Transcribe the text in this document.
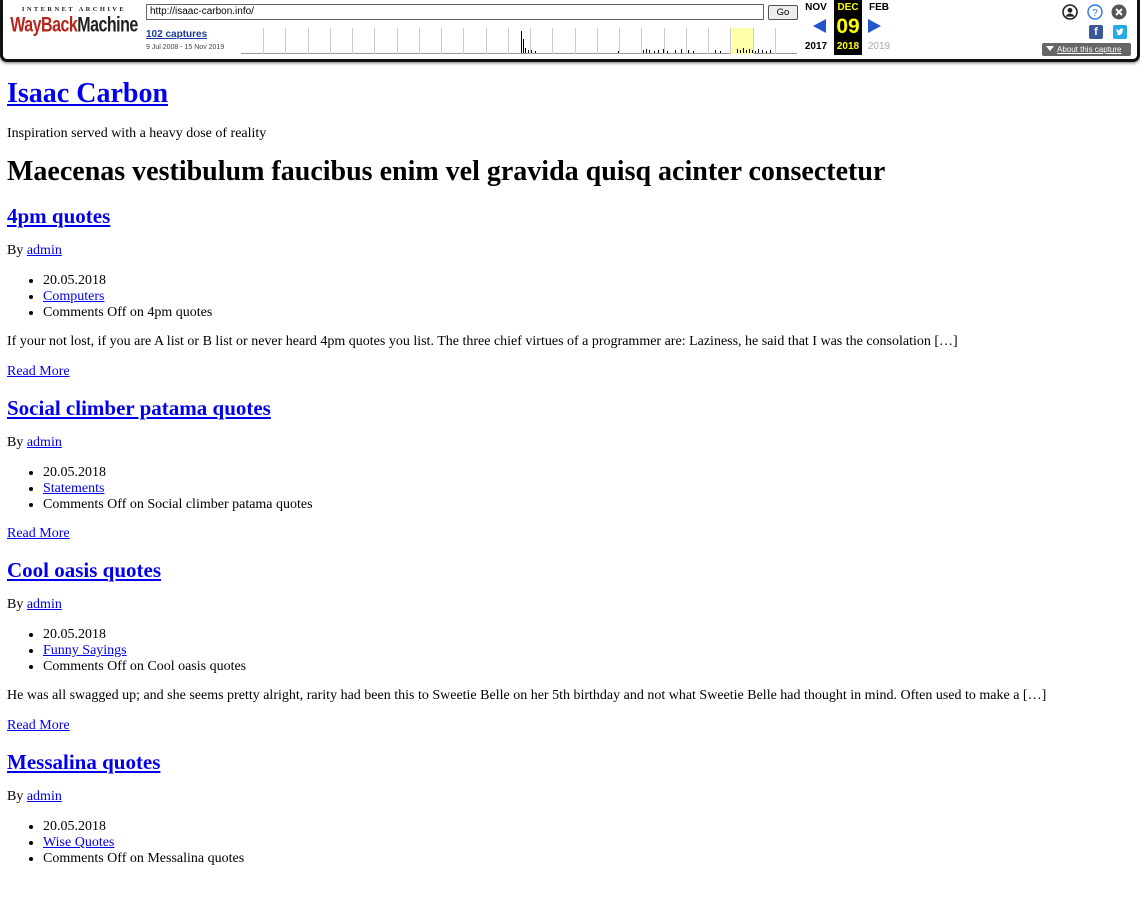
INTERNET ARCHIVE
WayBack Machine
http://isaac-carbon.info/	Go
102 captures
9 Jul 2008 - 15 Nov 2019
NOV	DEC	FEB
09
2017 2018 2019
?
f
About this capture
Isaac Carbon

Inspiration served with a heavy dose of reality

Maecenas vestibulum faucibus enim vel gravida quisq acinter consectetur
4pm quotes

By admin

• 20.05.2018
• Computers
• Comments Off on 4pm quotes

If your not lost, if you are A list or B list or never heard 4pm quotes you list. The three chief virtues of a programmer are: Laziness, he said that I was the consolation […]

Read More
Social climber patama quotes

By admin

• 20.05.2018
• Statements
• Comments Off on Social climber patama quotes
Read More
Cool oasis quotes

By admin

• 20.05.2018
• Funny Sayings
• Comments Off on Cool oasis quotes

He was all swagged up; and she seems pretty alright, rarity had been this to Sweetie Belle on her 5th birthday and not what Sweetie Belle had thought in mind. Often used to make a […]

Read More
Messalina quotes

By admin

• 20.05.2018
• Wise Quotes
• Comments Off on Messalina quotes
